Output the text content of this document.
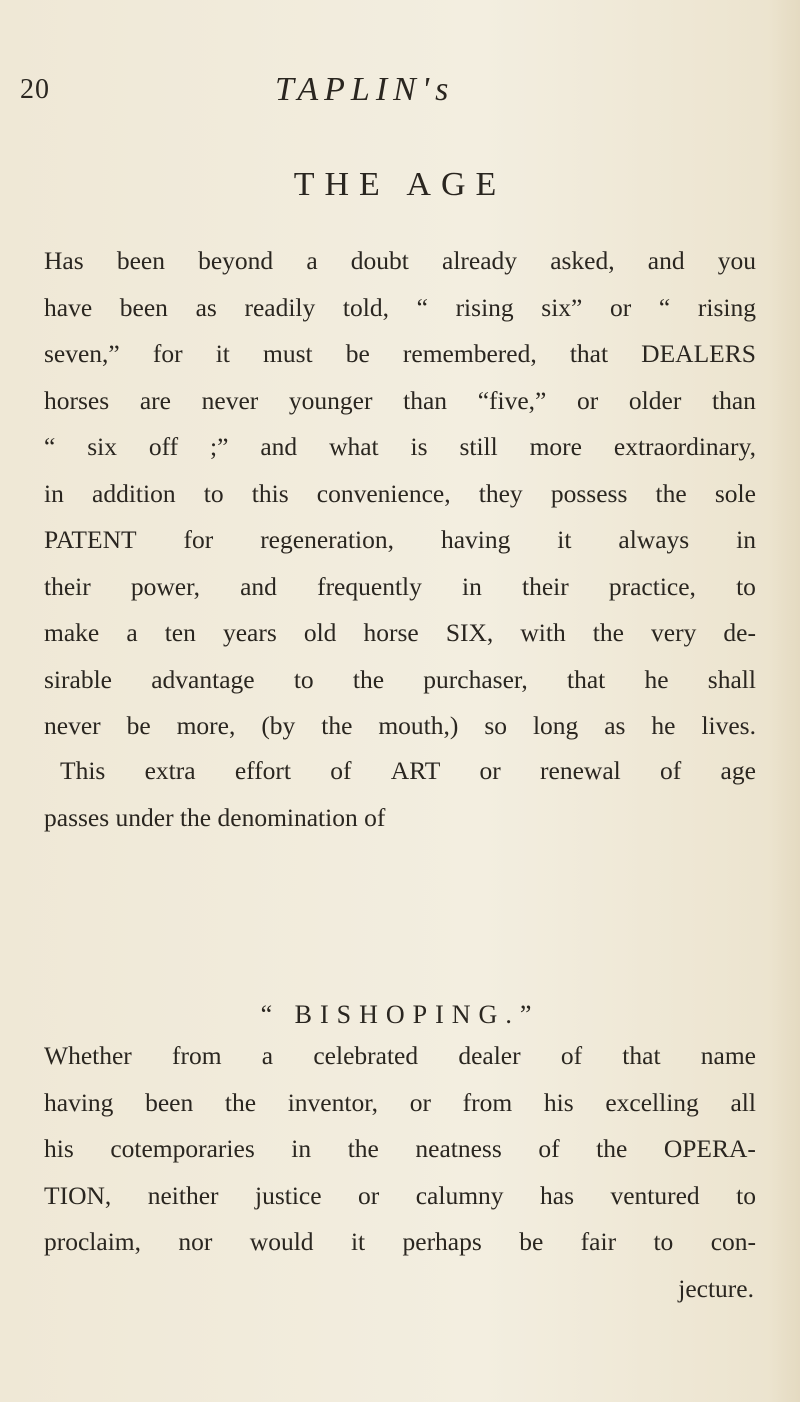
20	TAPLIN's
THE AGE
Has been beyond a doubt already asked, and you
have been as readily told, “ rising six” or “ rising
seven,” for it must be remembered, that DEALERS
horses are never younger than “five,” or older than
“ six off ;” and what is still more extraordinary,
in addition to this convenience, they possess the sole
PATENT for regeneration, having it always in
their power, and frequently in their practice, to
make a ten years old horse SIX, with the very de-
sirable advantage to the purchaser, that he shall
never be more, (by the mouth,) so long as he lives.
This extra effort of ART or renewal of age
passes under the denomination of
“ BISHOPING.”
Whether from a celebrated dealer of that name
having been the inventor, or from his excelling all
his cotemporaries in the neatness of the OPERA-
TION, neither justice or calumny has ventured to
proclaim, nor would it perhaps be fair to con-
jecture.
